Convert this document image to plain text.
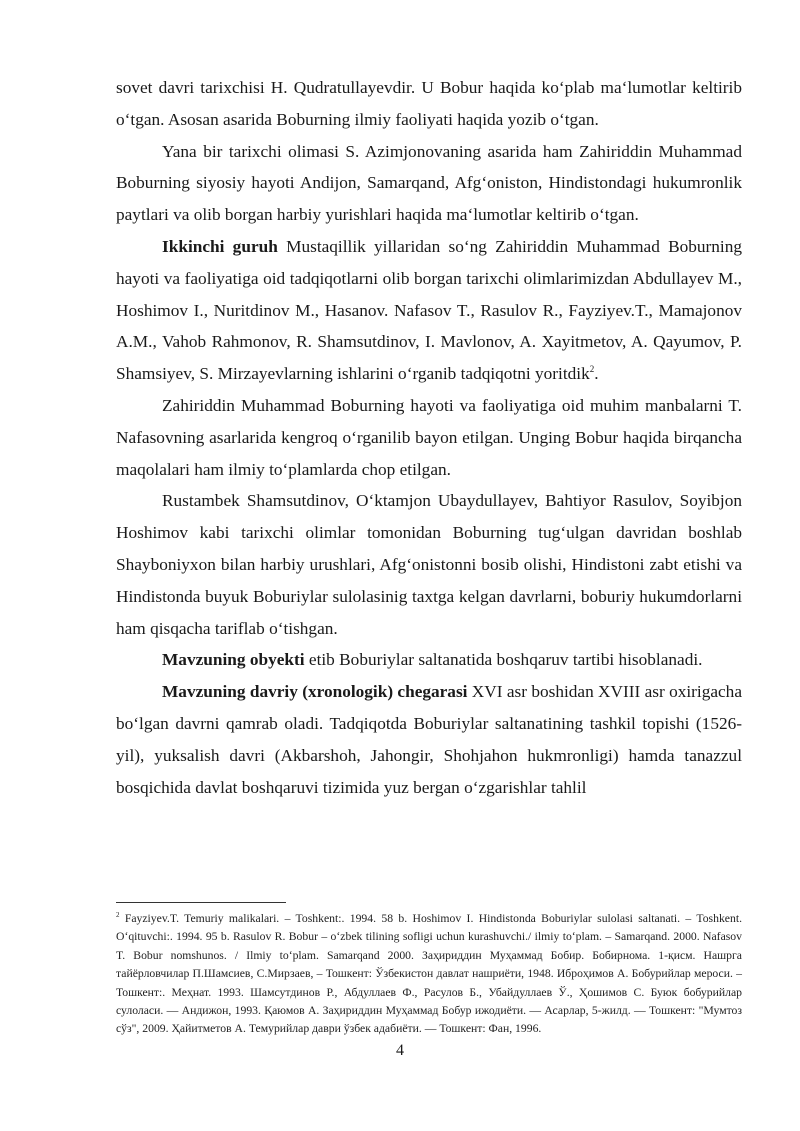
sovet davri tarixchisi H. Qudratullayevdir. U Bobur haqida koʻplab maʻlumotlar keltirib oʻtgan. Asosan asarida Boburning ilmiy faoliyati haqida yozib oʻtgan.

Yana bir tarixchi olimasi S. Azimjonovaning asarida ham Zahiriddin Muhammad Boburning siyosiy hayoti Andijon, Samarqand, Afgʻoniston, Hindistondagi hukumronlik paytlari va olib borgan harbiy yurishlari haqida maʻlumotlar keltirib oʻtgan.

Ikkinchi guruh Mustaqillik yillaridan soʻng Zahiriddin Muhammad Boburning hayoti va faoliyatiga oid tadqiqotlarni olib borgan tarixchi olimlarimizdan Abdullayev M., Hoshimov I., Nuritdinov M., Hasanov. Nafasov T., Rasulov R., Fayziyev.T., Mamajonov A.M., Vahob Rahmonov, R. Shamsutdinov, I. Mavlonov, A. Xayitmetov, A. Qayumov, P. Shamsiyev, S. Mirzayevlarning ishlarini oʻrganib tadqiqotni yoritdik$^2$.

Zahiriddin Muhammad Boburning hayoti va faoliyatiga oid muhim manbalarni T. Nafasovning asarlarida kengroq oʻrganilib bayon etilgan. Unging Bobur haqida birqancha maqolalari ham ilmiy toʻplamlarda chop etilgan.

Rustambek Shamsutdinov, Oʻktamjon Ubaydullayev, Bahtiyor Rasulov, Soyibjon Hoshimov kabi tarixchi olimlar tomonidan Boburning tugʻulgan davridan boshlab Shayboniyxon bilan harbiy urushlari, Afgʻonistonni bosib olishi, Hindistoni zabt etishi va Hindistonda buyuk Boburiylar sulolasinig taxtga kelgan davrlarni, boburiy hukumdorlarni ham qisqacha tariflab oʻtishgan.

Mavzuning obyekti etib Boburiylar saltanatida boshqaruv tartibi hisoblanadi.

Mavzuning davriy (xronologik) chegarasi XVI asr boshidan XVIII asr oxirigacha boʻlgan davrni qamrab oladi. Tadqiqotda Boburiylar saltanatining tashkil topishi (1526-yil), yuksalish davri (Akbarshoh, Jahongir, Shohjahon hukmronligi) hamda tanazzul bosqichida davlat boshqaruvi tizimida yuz bergan oʻzgarishlar tahlil

$^2$ Fayziyev.T. Temuriy malikalari. – Toshkent:. 1994. 58 b. Hoshimov I. Hindistonda Boburiylar sulolasi saltanati. – Toshkent. Oʻqituvchi:. 1994. 95 b. Rasulov R. Bobur – oʻzbek tilining sofligi uchun kurashuvchi./ ilmiy toʻplam. – Samarqand. 2000. Nafasov T. Bobur nomshunos. / Ilmiy toʻplam. Samarqand 2000. Заҳириддин Муҳаммад Бобир. Бобирнома. 1-қисм. Нашрга тайёрловчилар П.Шамсиев, С.Мирзаев, – Тошкент: Ўзбекистон давлат нашриёти, 1948. Иброҳимов А. Бобурийлар мероси. – Тошкент:. Меҳнат. 1993. Шамсутдинов Р., Абдуллаев Ф., Расулов Б., Убайдуллаев Ў., Ҳошимов С. Буюк бобурийлар сулоласи. — Андижон, 1993. Қаюмов А. Заҳириддин Муҳаммад Бобур ижодиёти. — Асарлар, 5-жилд. — Тошкент: "Мумтоз сўз", 2009. Ҳайитметов А. Темурийлар даври ўзбек адабиёти. — Тошкент: Фан, 1996.

4
